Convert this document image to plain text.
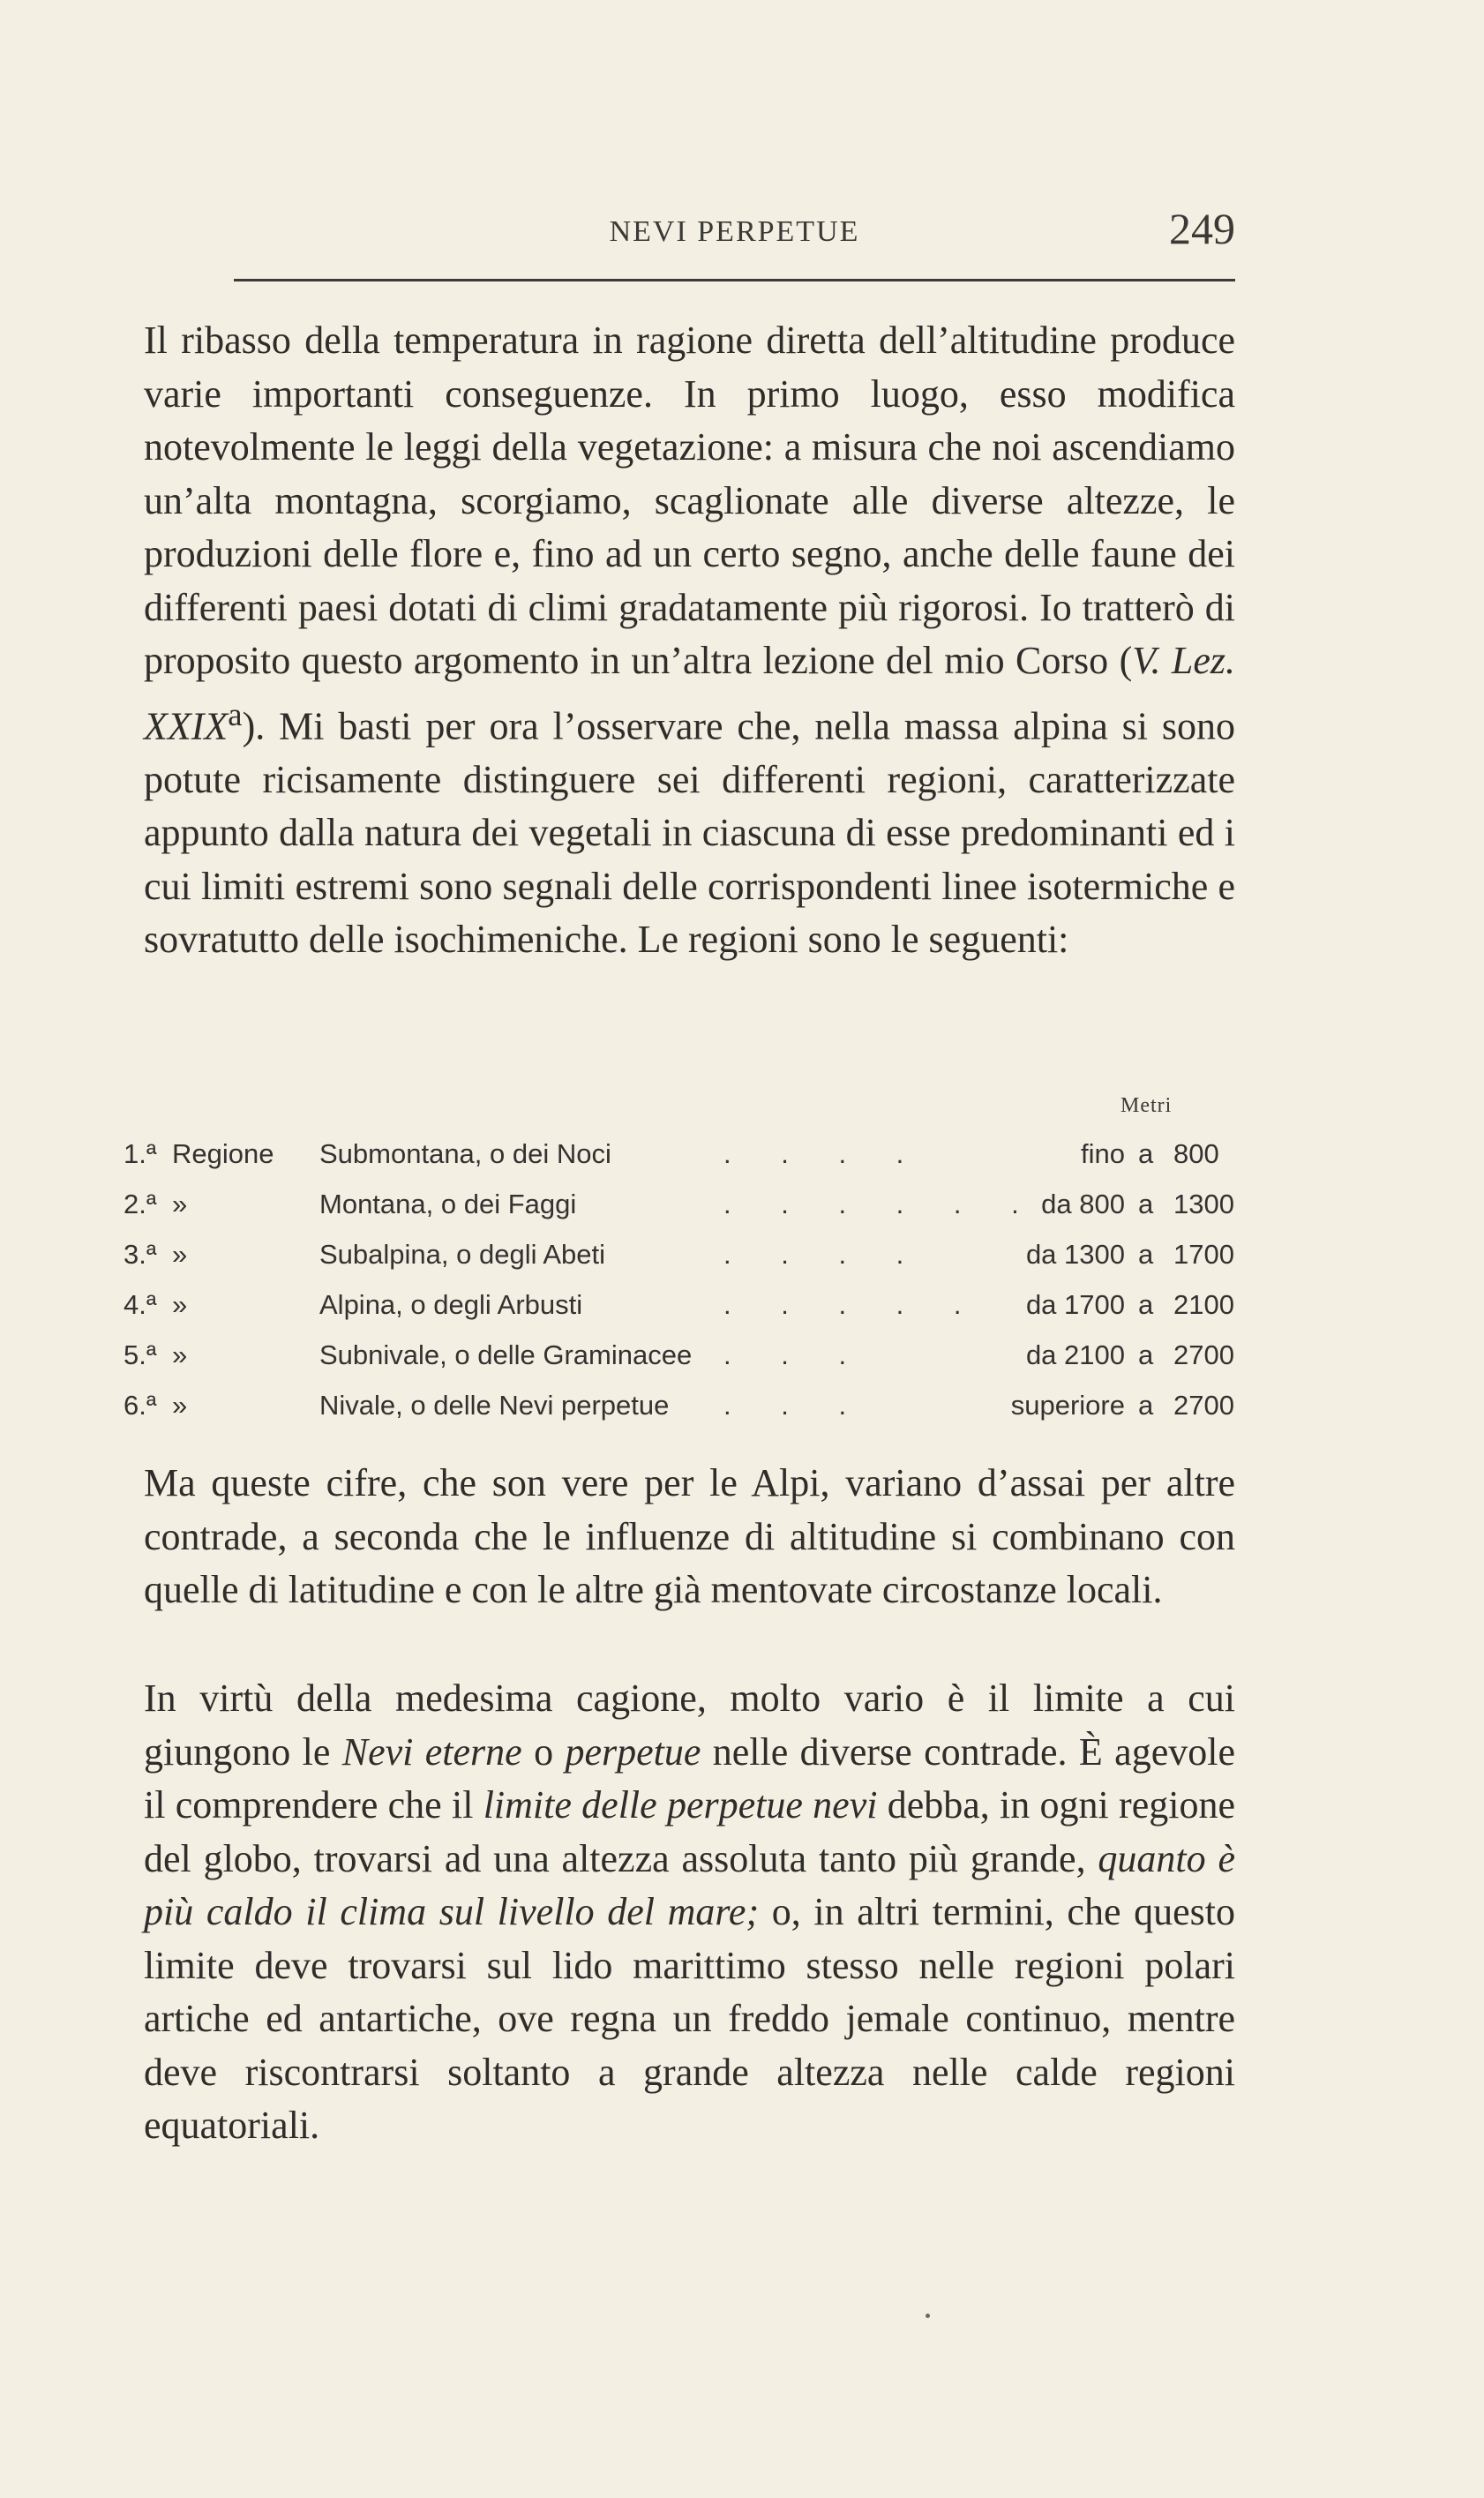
NEVI PERPETUE	249

Il ribasso della temperatura in ragione diretta dell’altitudine produce varie importanti conseguenze. In primo luogo, esso modifica notevolmente le leggi della vegetazione: a misura che noi ascendiamo un’alta montagna, scorgiamo, scaglionate alle diverse altezze, le produzioni delle flore e, fino ad un certo segno, anche delle faune dei differenti paesi dotati di climi gradatamente più rigorosi. Io tratterò di proposito questo argomento in un’altra lezione del mio Corso (V. Lez. XXIX$^a$). Mi basti per ora l’osservare che, nella massa alpina si sono potute ricisamente distinguere sei differenti regioni, caratterizzate appunto dalla natura dei vegetali in ciascuna di esse predominanti ed i cui limiti estremi sono segnali delle corrispondenti linee isotermiche e sovratutto delle isochimeniche. Le regioni sono le seguenti:

Metri
1.ª Regione Submontana, o dei Noci	. . . .	fino a 800
2.ª »	Montana, o dei Faggi	. . . . . . da 800 a 1300
3.ª »	Subalpina, o degli Abeti	. . . .	da 1300 a 1700
4.ª »	Alpina, o degli Arbusti	. . . . .	da 1700 a 2100
5.ª »	Subnivale, o delle Graminacee . . .	da 2100 a 2700
6.ª »	Nivale, o delle Nevi perpetue . . .	superiore a 2700

Ma queste cifre, che son vere per le Alpi, variano d’assai per altre contrade, a seconda che le influenze di altitudine si combinano con quelle di latitudine e con le altre già mentovate circostanze locali.

In virtù della medesima cagione, molto vario è il limite a cui giungono le Nevi eterne o perpetue nelle diverse contrade. È agevole il comprendere che il limite delle perpetue nevi debba, in ogni regione del globo, trovarsi ad una altezza assoluta tanto più grande, quanto è più caldo il clima sul livello del mare; o, in altri termini, che questo limite deve trovarsi sul lido marittimo stesso nelle regioni polari artiche ed antartiche, ove regna un freddo jemale continuo, mentre deve riscontrarsi soltanto a grande altezza nelle calde regioni equatoriali.
